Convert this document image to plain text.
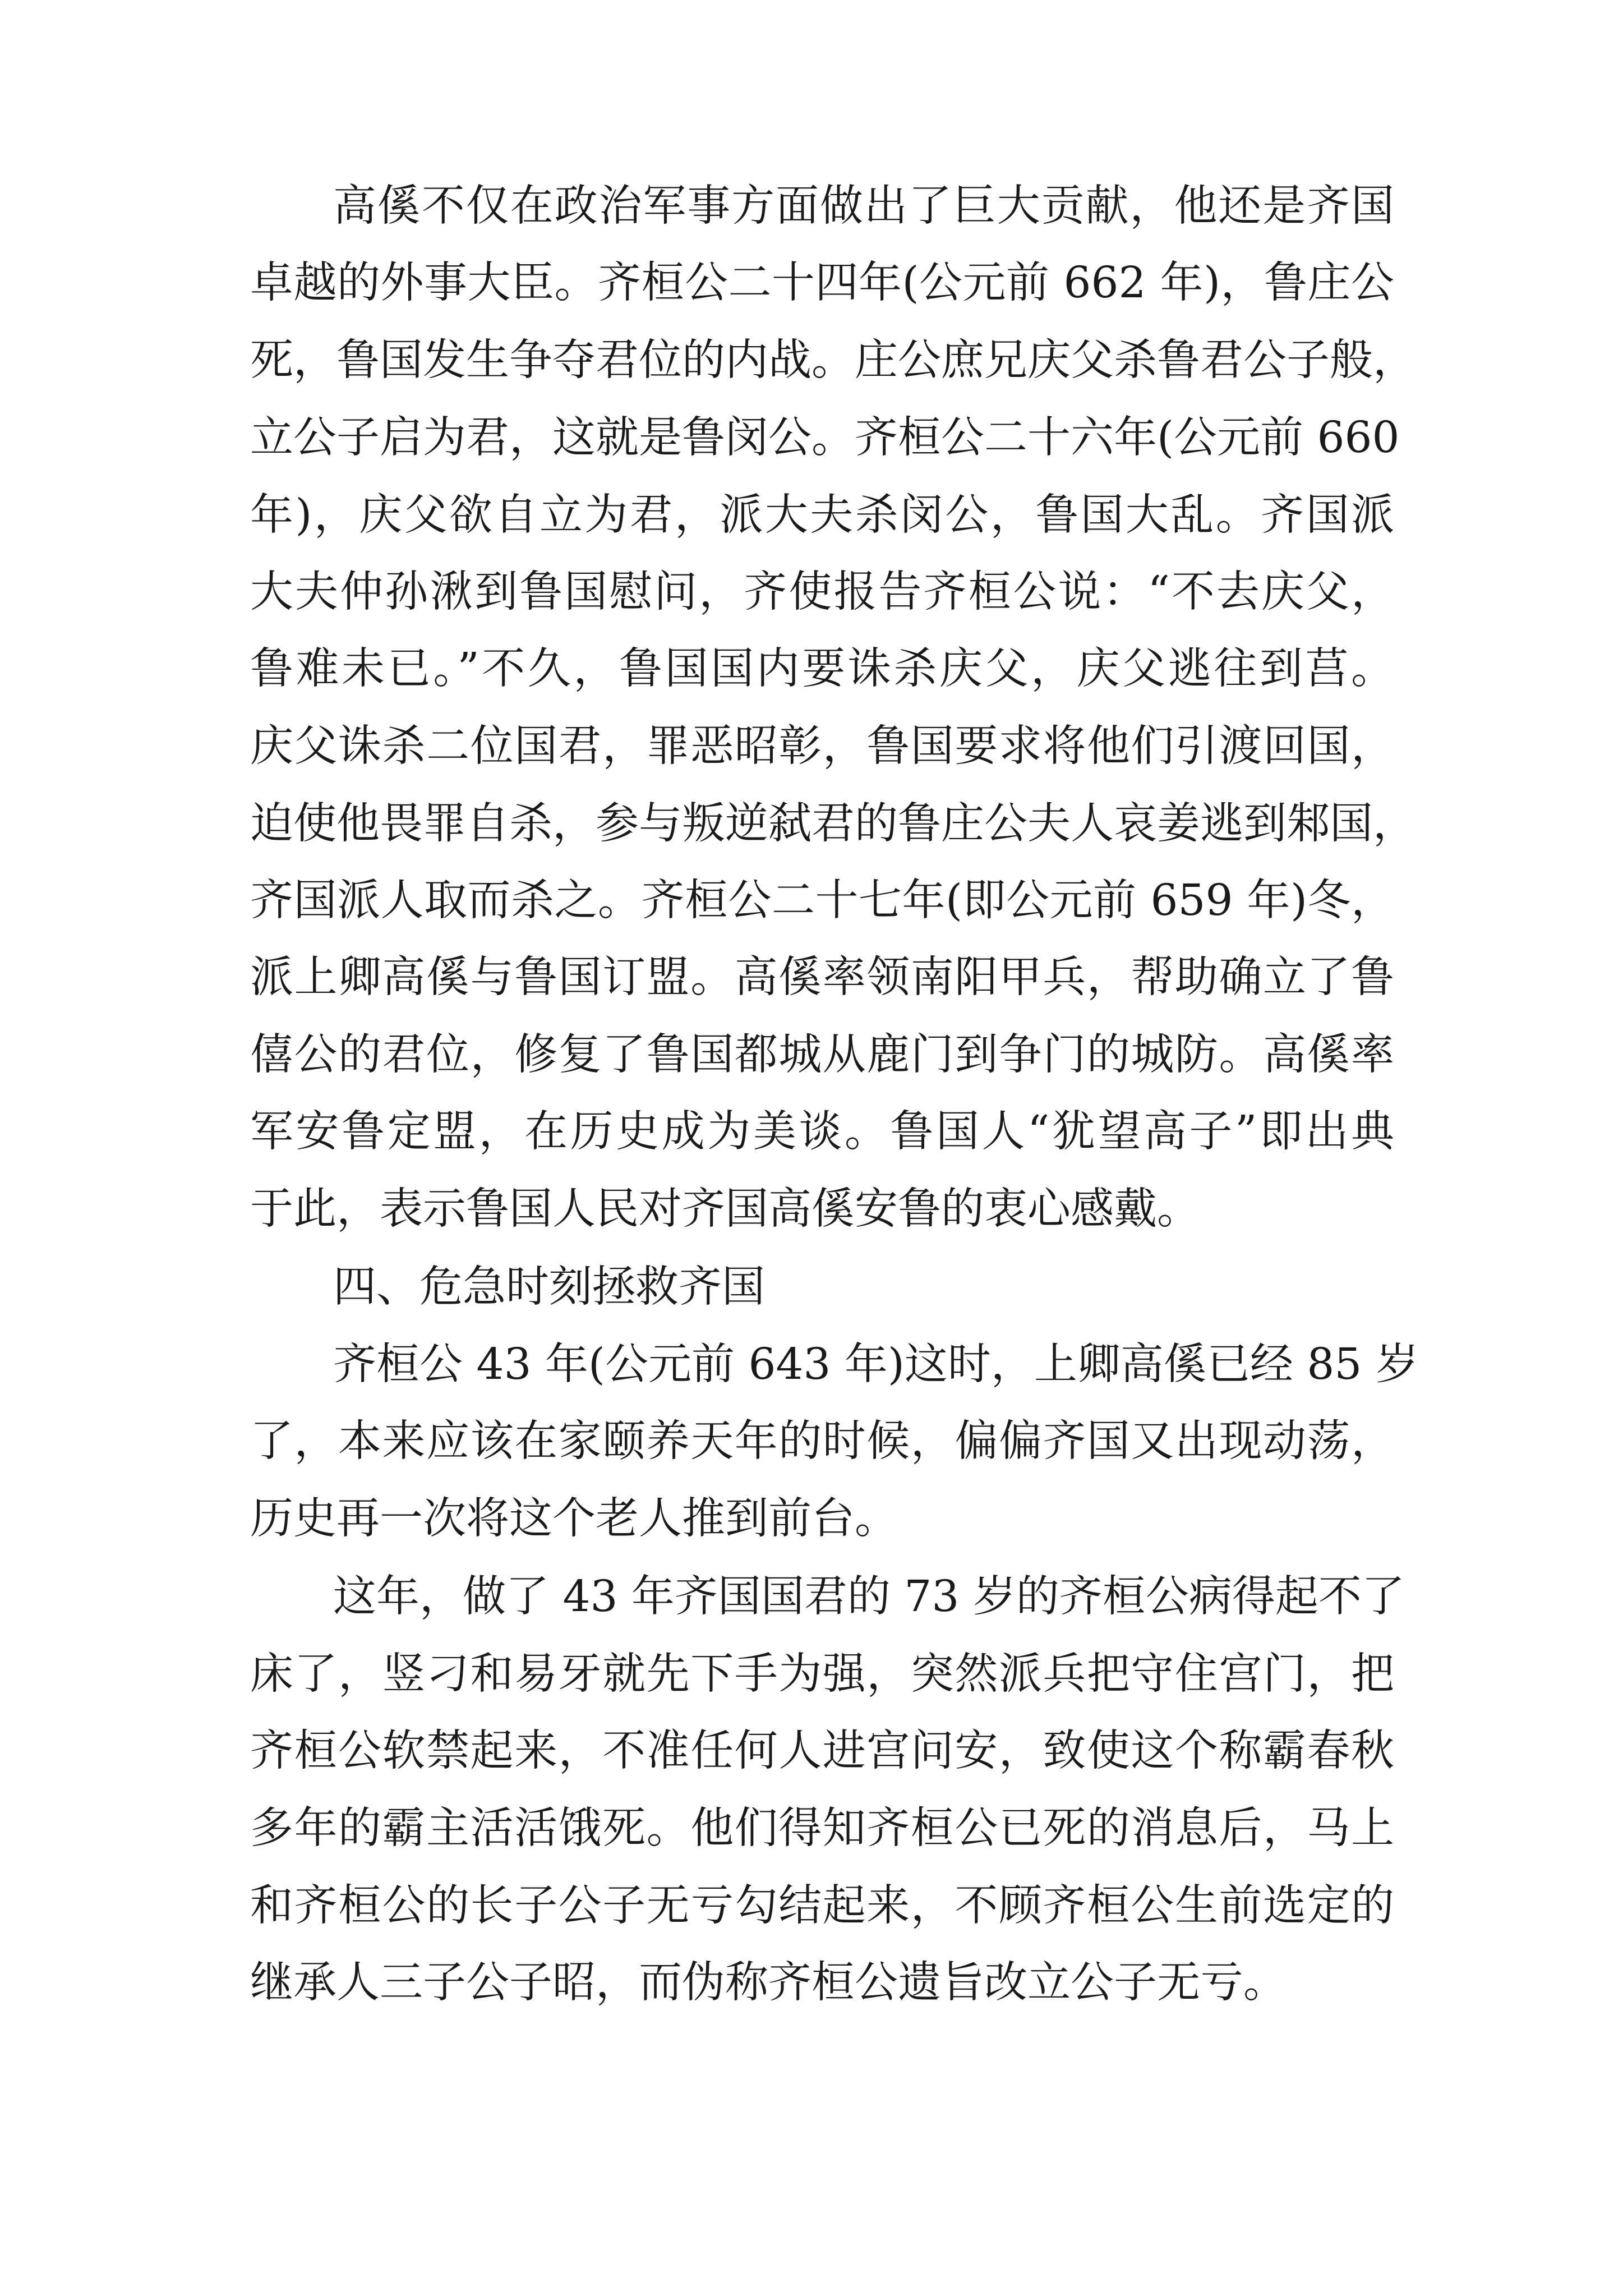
高傒不仅在政治军事方面做出了巨大贡献，他还是齐国
卓越的外事大臣。齐桓公二十四年(公元前 662 年)，鲁庄公
死，鲁国发生争夺君位的内战。庄公庶兄庆父杀鲁君公子般，
立公子启为君，这就是鲁闵公。齐桓公二十六年(公元前 660
年)，庆父欲自立为君，派大夫杀闵公，鲁国大乱。齐国派
大夫仲孙湫到鲁国慰问，齐使报告齐桓公说：“不去庆父，
鲁难未已。”不久，鲁国国内要诛杀庆父，庆父逃往到莒。
庆父诛杀二位国君，罪恶昭彰，鲁国要求将他们引渡回国，
迫使他畏罪自杀，参与叛逆弑君的鲁庄公夫人哀姜逃到邾国，
齐国派人取而杀之。齐桓公二十七年(即公元前 659 年)冬，
派上卿高傒与鲁国订盟。高傒率领南阳甲兵，帮助确立了鲁
僖公的君位，修复了鲁国都城从鹿门到争门的城防。高傒率
军安鲁定盟，在历史成为美谈。鲁国人“犹望高子”即出典
于此，表示鲁国人民对齐国高傒安鲁的衷心感戴。
四、危急时刻拯救齐国
齐桓公 43 年(公元前 643 年)这时，上卿高傒已经 85 岁
了，本来应该在家颐养天年的时候，偏偏齐国又出现动荡，
历史再一次将这个老人推到前台。
这年，做了 43 年齐国国君的 73 岁的齐桓公病得起不了
床了，竖刁和易牙就先下手为强，突然派兵把守住宫门，把
齐桓公软禁起来，不准任何人进宫问安，致使这个称霸春秋
多年的霸主活活饿死。他们得知齐桓公已死的消息后，马上
和齐桓公的长子公子无亏勾结起来，不顾齐桓公生前选定的
继承人三子公子昭，而伪称齐桓公遗旨改立公子无亏。
